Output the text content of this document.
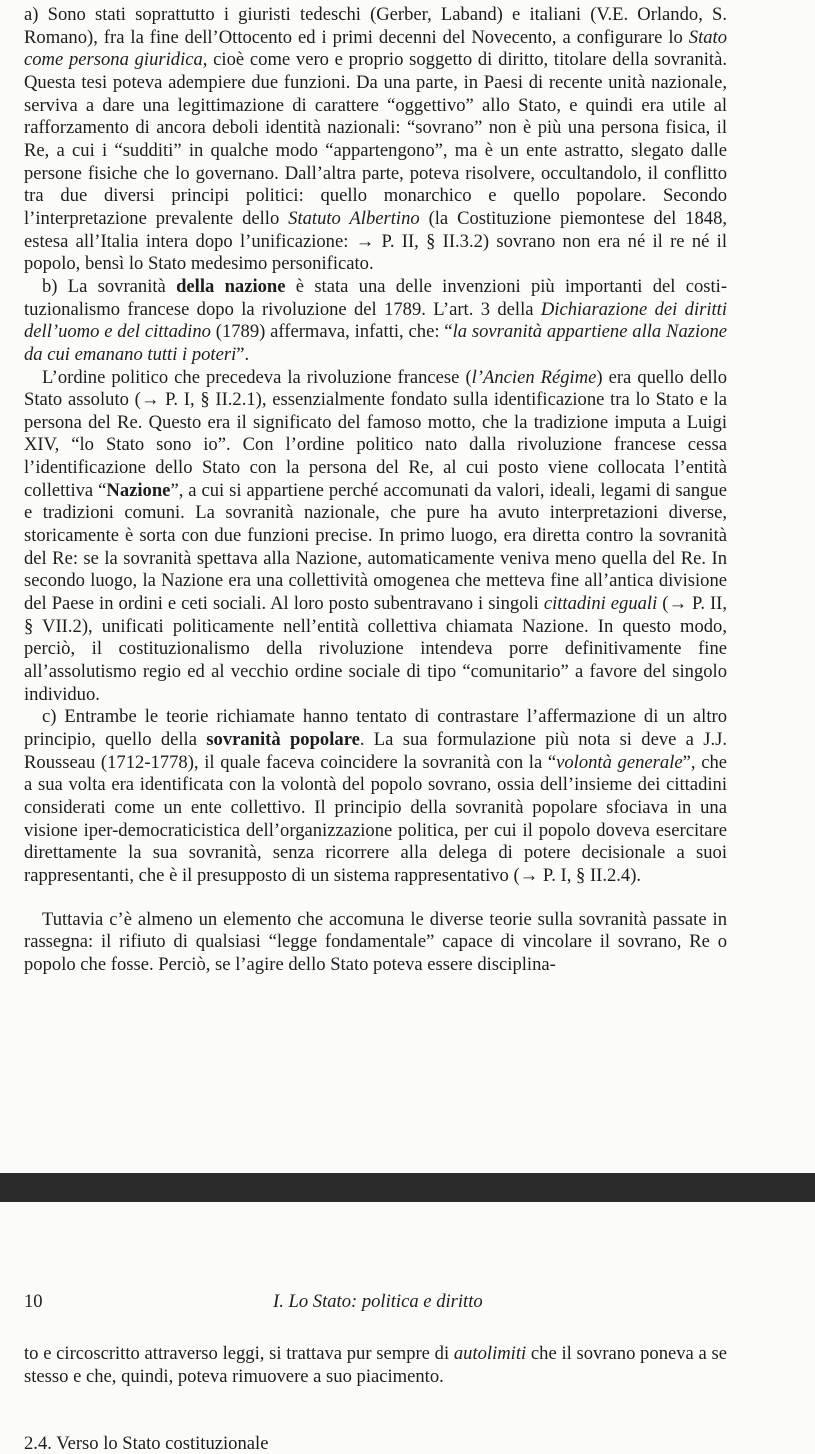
a) Sono stati soprattutto i giuristi tedeschi (Gerber, Laband) e italiani (V.E. Orlando, S. Romano), fra la fine dell’Ottocento ed i primi decenni del Novecento, a configurare lo Stato come persona giuridica, cioè come vero e proprio soggetto di diritto, titolare della sovranità. Questa tesi poteva adempiere due funzioni. Da una parte, in Paesi di recente unità nazionale, serviva a dare una legittimazione di carattere “oggettivo” allo Stato, e quindi era utile al rafforzamento di ancora deboli identità nazionali: “sovrano” non è più una persona fisica, il Re, a cui i “sudditi” in qualche modo “appartengono”, ma è un ente astratto, slegato dalle persone fisiche che lo governano. Dall’altra parte, poteva risolvere, occultandolo, il conflitto tra due diversi principi politici: quello monarchico e quello popolare. Secondo l’interpretazione prevalente dello Statuto Albertino (la Costituzione piemontese del 1848, estesa all’Italia intera dopo l’unificazione: → P. II, § II.3.2) sovrano non era né il re né il popolo, bensì lo Stato medesimo personificato.

b) La sovranità della nazione è stata una delle invenzioni più importanti del costituzionalismo francese dopo la rivoluzione del 1789. L’art. 3 della Dichiarazione dei diritti dell’uomo e del cittadino (1789) affermava, infatti, che: “la sovranità appartiene alla Nazione da cui emanano tutti i poteri”.

L’ordine politico che precedeva la rivoluzione francese (l’Ancien Régime) era quello dello Stato assoluto (→ P. I, § II.2.1), essenzialmente fondato sulla identificazione tra lo Stato e la persona del Re. Questo era il significato del famoso motto, che la tradizione imputa a Luigi XIV, “lo Stato sono io”. Con l’ordine politico nato dalla rivoluzione francese cessa l’identificazione dello Stato con la persona del Re, al cui posto viene collocata l’entità collettiva “Nazione”, a cui si appartiene perché accomunati da valori, ideali, legami di sangue e tradizioni comuni. La sovranità nazionale, che pure ha avuto interpretazioni diverse, storicamente è sorta con due funzioni precise. In primo luogo, era diretta contro la sovranità del Re: se la sovranità spettava alla Nazione, automaticamente veniva meno quella del Re. In secondo luogo, la Nazione era una collettività omogenea che metteva fine all’antica divisione del Paese in ordini e ceti sociali. Al loro posto subentravano i singoli cittadini eguali (→ P. II, § VII.2), unificati politicamente nell’entità collettiva chiamata Nazione. In questo modo, perciò, il costituzionalismo della rivoluzione intendeva porre definitivamente fine all’assolutismo regio ed al vecchio ordine sociale di tipo “comunitario” a favore del singolo individuo.

c) Entrambe le teorie richiamate hanno tentato di contrastare l’affermazione di un altro principio, quello della sovranità popolare. La sua formulazione più nota si deve a J.J. Rousseau (1712-1778), il quale faceva coincidere la sovranità con la “volontà generale”, che a sua volta era identificata con la volontà del popolo sovrano, ossia dell’insieme dei cittadini considerati come un ente collettivo. Il principio della sovranità popolare sfociava in una visione iper-democraticistica dell’organizzazione politica, per cui il popolo doveva esercitare direttamente la sua sovranità, senza ricorrere alla delega di potere decisionale a suoi rappresentanti, che è il presupposto di un sistema rappresentativo (→ P. I, § II.2.4).

Tuttavia c’è almeno un elemento che accomuna le diverse teorie sulla sovranità passate in rassegna: il rifiuto di qualsiasi “legge fondamentale” capace di vincolare il sovrano, Re o popolo che fosse. Perciò, se l’agire dello Stato poteva essere disciplina-

10	I. Lo Stato: politica e diritto

to e circoscritto attraverso leggi, si trattava pur sempre di autolimiti che il sovrano poneva a se stesso e che, quindi, poteva rimuovere a suo piacimento.

2.4. Verso lo Stato costituzionale
